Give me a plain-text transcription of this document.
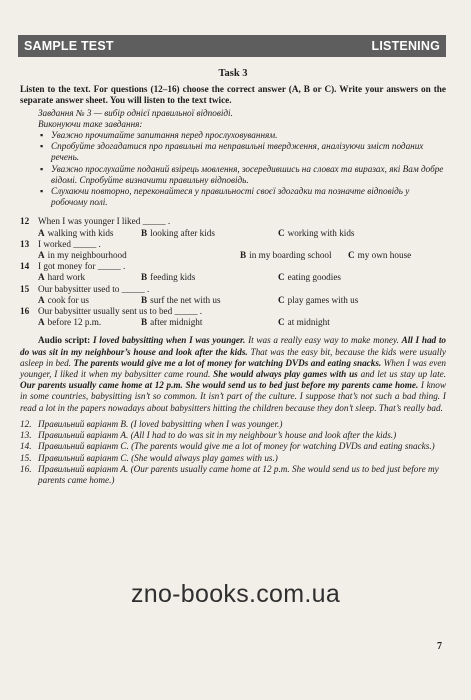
SAMPLE TEST	LISTENING
Task 3
Listen to the text. For questions (12–16) choose the correct answer (A, B or C). Write your answers on the separate answer sheet. You will listen to the text twice.
Завдання № 3 — вибір однієї правильної відповіді.
Виконуючи таке завдання:
▪ Уважно прочитайте запитання перед прослуховуванням.
▪ Спробуйте здогадатися про правильні та неправильні твердження, аналізуючи зміст поданих речень.
▪ Уважно прослухайте поданий взірець мовлення, зосередившись на словах та виразах, які Вам добре відомі. Спробуйте визначити правильну відповідь.
▪ Слухаючи повторно, переконайтеся у правильності своєї здогадки та позначте відповідь у робочому полі.
12 When I was younger I liked _____ .
A walking with kids	B looking after kids	C working with kids
13 I worked _____ .
A in my neighbourhood	B in my boarding school	C my own house
14 I got money for _____ .
A hard work	B feeding kids	C eating goodies
15 Our babysitter used to _____ .
A cook for us	B surf the net with us	C play games with us
16 Our babysitter usually sent us to bed _____ .
A before 12 p.m.	B after midnight	C at midnight
Audio script: I loved babysitting when I was younger. It was a really easy way to make money. All I had to do was sit in my neighbour’s house and look after the kids. That was the easy bit, because the kids were usually asleep in bed. The parents would give me a lot of money for watching DVDs and eating snacks. When I was even younger, I liked it when my babysitter came round. She would always play games with us and let us stay up late. Our parents usually came home at 12 p.m. She would send us to bed just before my parents came home. I know in some countries, babysitting isn’t so common. It isn’t part of the culture. I suppose that’s not such a bad thing. I read a lot in the papers nowadays about babysitters hitting the children because they don’t sleep. That’s really bad.
12. Правильний варіант B. (I loved babysitting when I was younger.)
13. Правильний варіант A. (All I had to do was sit in my neighbour’s house and look after the kids.)
14. Правильний варіант C. (The parents would give me a lot of money for watching DVDs and eating snacks.)
15. Правильний варіант C. (She would always play games with us.)
16. Правильний варіант A. (Our parents usually came home at 12 p.m. She would send us to bed just before my parents came home.)
zno-books.com.ua
7
